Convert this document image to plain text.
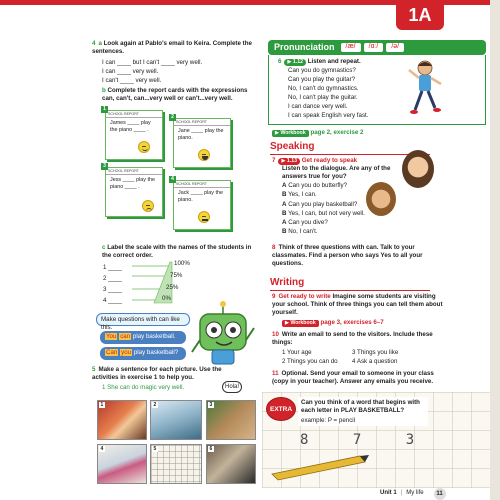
1A
4 a Look again at Pablo's email to Keira. Complete the sentences.
I can ____ but I can't ____ very well.
I can ____ very well.
I can't ____ very well.
b Complete the report cards with the expressions can, can't, can...very well or can't...very well.
SCHOOL REPORT
James ____ play the piano ____ .
1
SCHOOL REPORT
Jane ____ play the piano.
2
SCHOOL REPORT
Jess ____ play the piano ____ .
3
SCHOOL REPORT
Jack ____ play the piano.
4
c Label the scale with the names of the students in the correct order.
1 ____
2 ____
3 ____
4 ____
100%
75%
25%
0%
Make questions with can like this.
You can play basketball.
Can you play basketball?
5 Make a sentence for each picture. Use the activities in exercise 1 to help you.
1 She can do magic very well.	Hola!
1	2	3
4	5	6
Pronunciation	/æ/	/ɑː/	/ə/
6 ▶ 1.12 Listen and repeat.
Can you do gymnastics?
Can you play the guitar?
No, I can't do gymnastics.
No, I can't play the guitar.
I can dance very well.
I can speak English very fast.
▶ Workbook page 2, exercise 2
Speaking
7 ▶ 1.13 Get ready to speak
Listen to the dialogue. Are any of the answers true for you?
A Can you do butterfly?
B Yes, I can.
A Can you play basketball?
B Yes, I can, but not very well.
A Can you dive?
B No, I can't.
8 Think of three questions with can. Talk to your classmates. Find a person who says Yes to all your questions.
Writing
9 Get ready to write Imagine some students are visiting your school. Think of three things you can tell them about yourself.
▶ Workbook page 3, exercises 6–7
10 Write an email to send to the visitors. Include these things:
1 Your age	3 Things you like
2 Things you can do	4 Ask a question
11 Optional. Send your email to someone in your class (copy in your teacher). Answer any emails you receive.
8 7 3
EXTRA
Can you think of a word that begins with each letter in PLAY BASKETBALL?
example: P = pencil
Unit 1 | My life	11
